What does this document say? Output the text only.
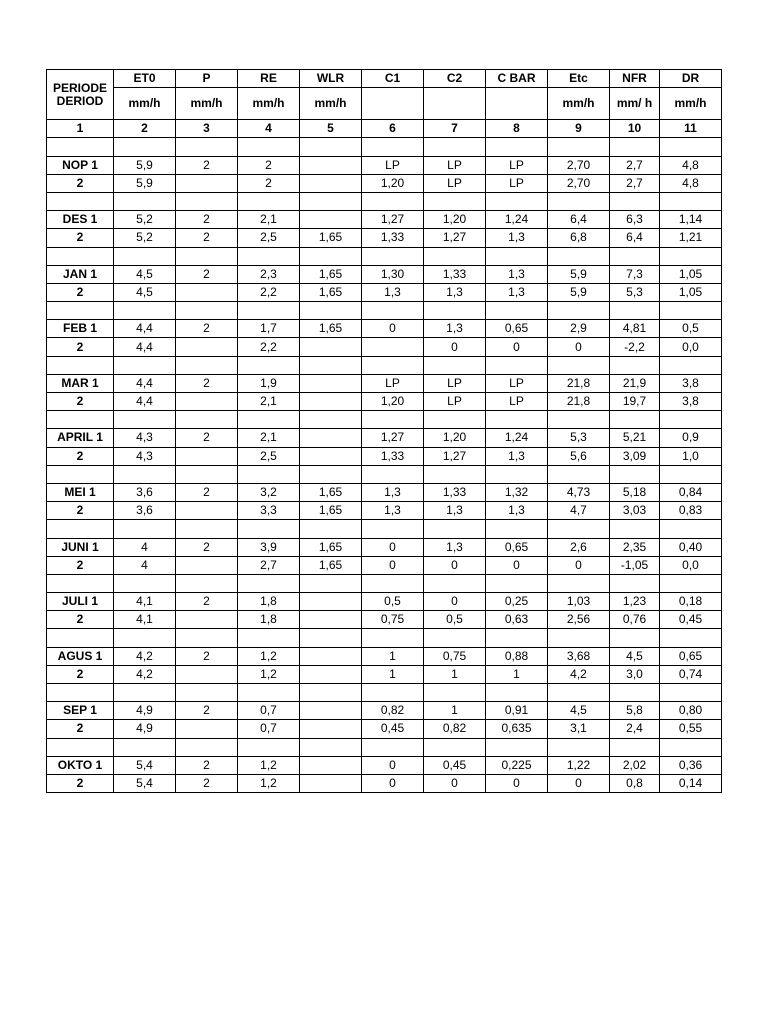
PERIODE DERIOD	ET0	P	RE	WLR	C1	C2	C BAR	Etc	NFR	DR
	mm/h	mm/h	mm/h	mm/h				mm/h	mm/ h	mm/h
1	2	3	4	5	6	7	8	9	10	11

NOP 1	5,9	2	2		LP	LP	LP	2,70	2,7	4,8
2	5,9		2		1,20	LP	LP	2,70	2,7	4,8

DES 1	5,2	2	2,1		1,27	1,20	1,24	6,4	6,3	1,14
2	5,2	2	2,5	1,65	1,33	1,27	1,3	6,8	6,4	1,21

JAN 1	4,5	2	2,3	1,65	1,30	1,33	1,3	5,9	7,3	1,05
2	4,5		2,2	1,65	1,3	1,3	1,3	5,9	5,3	1,05

FEB 1	4,4	2	1,7	1,65	0	1,3	0,65	2,9	4,81	0,5
2	4,4		2,2			0	0	0	-2,2	0,0

MAR 1	4,4	2	1,9		LP	LP	LP	21,8	21,9	3,8
2	4,4		2,1		1,20	LP	LP	21,8	19,7	3,8

APRIL 1	4,3	2	2,1		1,27	1,20	1,24	5,3	5,21	0,9
2	4,3		2,5		1,33	1,27	1,3	5,6	3,09	1,0

MEI 1	3,6	2	3,2	1,65	1,3	1,33	1,32	4,73	5,18	0,84
2	3,6		3,3	1,65	1,3	1,3	1,3	4,7	3,03	0,83

JUNI 1	4	2	3,9	1,65	0	1,3	0,65	2,6	2,35	0,40
2	4		2,7	1,65	0	0	0	0	-1,05	0,0

JULI 1	4,1	2	1,8		0,5	0	0,25	1,03	1,23	0,18
2	4,1		1,8		0,75	0,5	0,63	2,56	0,76	0,45

AGUS 1	4,2	2	1,2		1	0,75	0,88	3,68	4,5	0,65
2	4,2		1,2		1	1	1	4,2	3,0	0,74

SEP 1	4,9	2	0,7		0,82	1	0,91	4,5	5,8	0,80
2	4,9		0,7		0,45	0,82	0,635	3,1	2,4	0,55

OKTO 1	5,4	2	1,2		0	0,45	0,225	1,22	2,02	0,36
2	5,4	2	1,2		0	0	0	0	0,8	0,14
